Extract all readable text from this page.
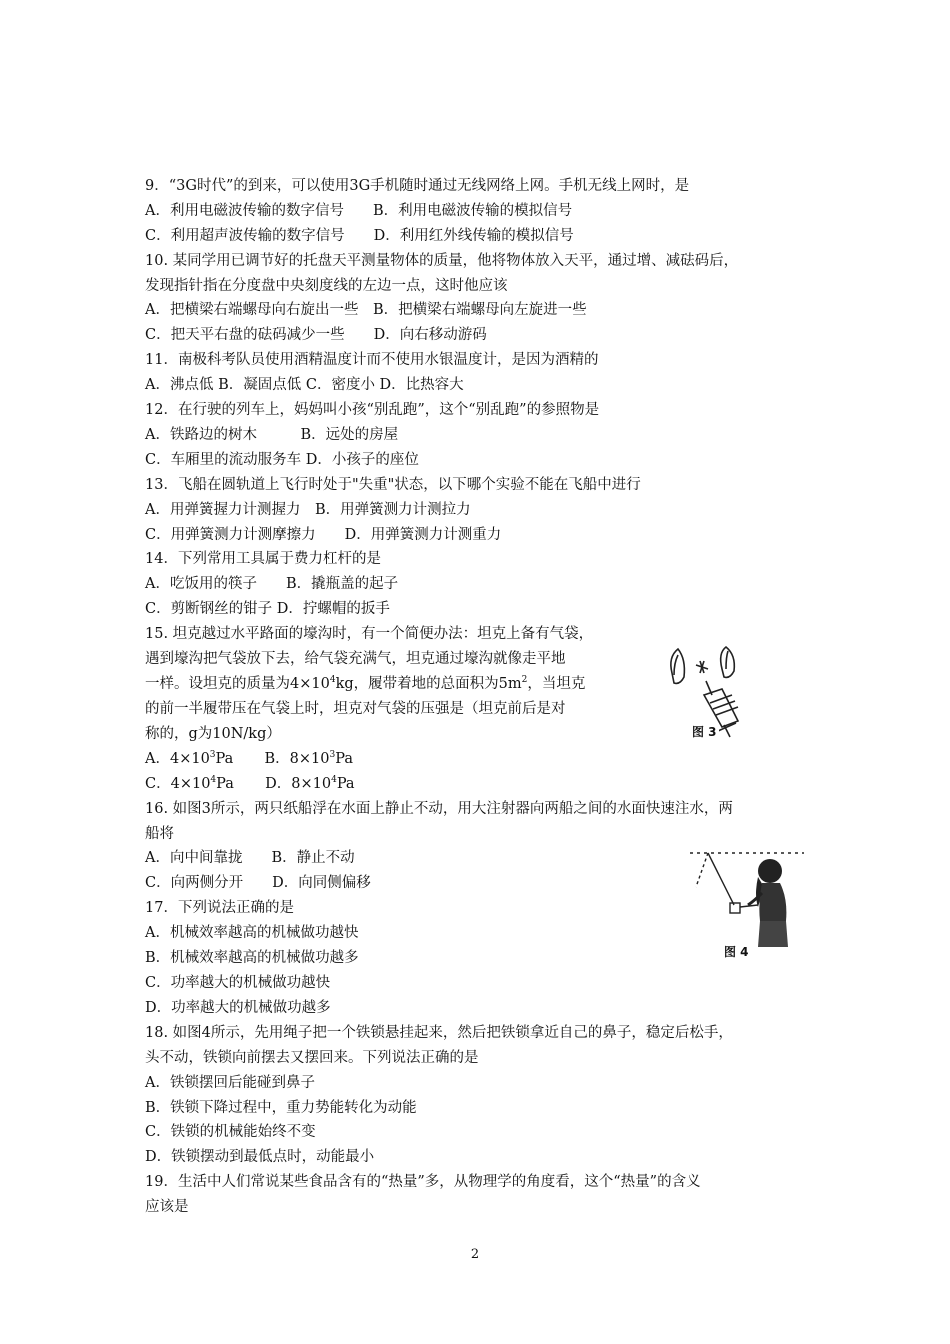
9．“3G时代”的到来，可以使用3G手机随时通过无线网络上网。手机无线上网时，是
A．利用电磁波传输的数字信号　　B．利用电磁波传输的模拟信号
C．利用超声波传输的数字信号　　D．利用红外线传输的模拟信号
10. 某同学用已调节好的托盘天平测量物体的质量，他将物体放入天平，通过增、减砝码后，
发现指针指在分度盘中央刻度线的左边一点，这时他应该
A．把横梁右端螺母向右旋出一些　B．把横梁右端螺母向左旋进一些
C．把天平右盘的砝码减少一些　　D．向右移动游码
11．南极科考队员使用酒精温度计而不使用水银温度计，是因为酒精的
A．沸点低 B．凝固点低 C．密度小 D．比热容大
12．在行驶的列车上，妈妈叫小孩“别乱跑”，这个“别乱跑”的参照物是
A．铁路边的树木　　　B．远处的房屋
C．车厢里的流动服务车 D．小孩子的座位
13．飞船在圆轨道上飞行时处于"失重"状态，以下哪个实验不能在飞船中进行
A．用弹簧握力计测握力　B．用弹簧测力计测拉力
C．用弹簧测力计测摩擦力　　D．用弹簧测力计测重力
14．下列常用工具属于费力杠杆的是
A．吃饭用的筷子　　B．撬瓶盖的起子
C．剪断钢丝的钳子 D．拧螺帽的扳手
15. 坦克越过水平路面的壕沟时，有一个简便办法：坦克上备有气袋，
遇到壕沟把气袋放下去，给气袋充满气，坦克通过壕沟就像走平地
一样。设坦克的质量为$4\times 10^4kg$，履带着地的总面积为$5m^2$，当坦克
的前一半履带压在气袋上时，坦克对气袋的压强是（坦克前后是对
称的，g为10N/kg）
A．$4\times 10^3Pa$ B．$8\times 10^3Pa$
C．$4\times 10^4Pa$ D．$8\times 10^4Pa$
图 3
16. 如图3所示，两只纸船浮在水面上静止不动，用大注射器向两船之间的水面快速注水，两
船将
A．向中间靠拢　　B．静止不动
C．向两侧分开　　D．向同侧偏移
图 4
17．下列说法正确的是
A．机械效率越高的机械做功越快
B．机械效率越高的机械做功越多
C．功率越大的机械做功越快
D．功率越大的机械做功越多
18. 如图4所示，先用绳子把一个铁锁悬挂起来，然后把铁锁拿近自己的鼻子，稳定后松手，
头不动，铁锁向前摆去又摆回来。下列说法正确的是
A．铁锁摆回后能碰到鼻子
B．铁锁下降过程中，重力势能转化为动能
C．铁锁的机械能始终不变
D．铁锁摆动到最低点时，动能最小
19．生活中人们常说某些食品含有的“热量”多，从物理学的角度看，这个“热量”的含义
应该是
2
